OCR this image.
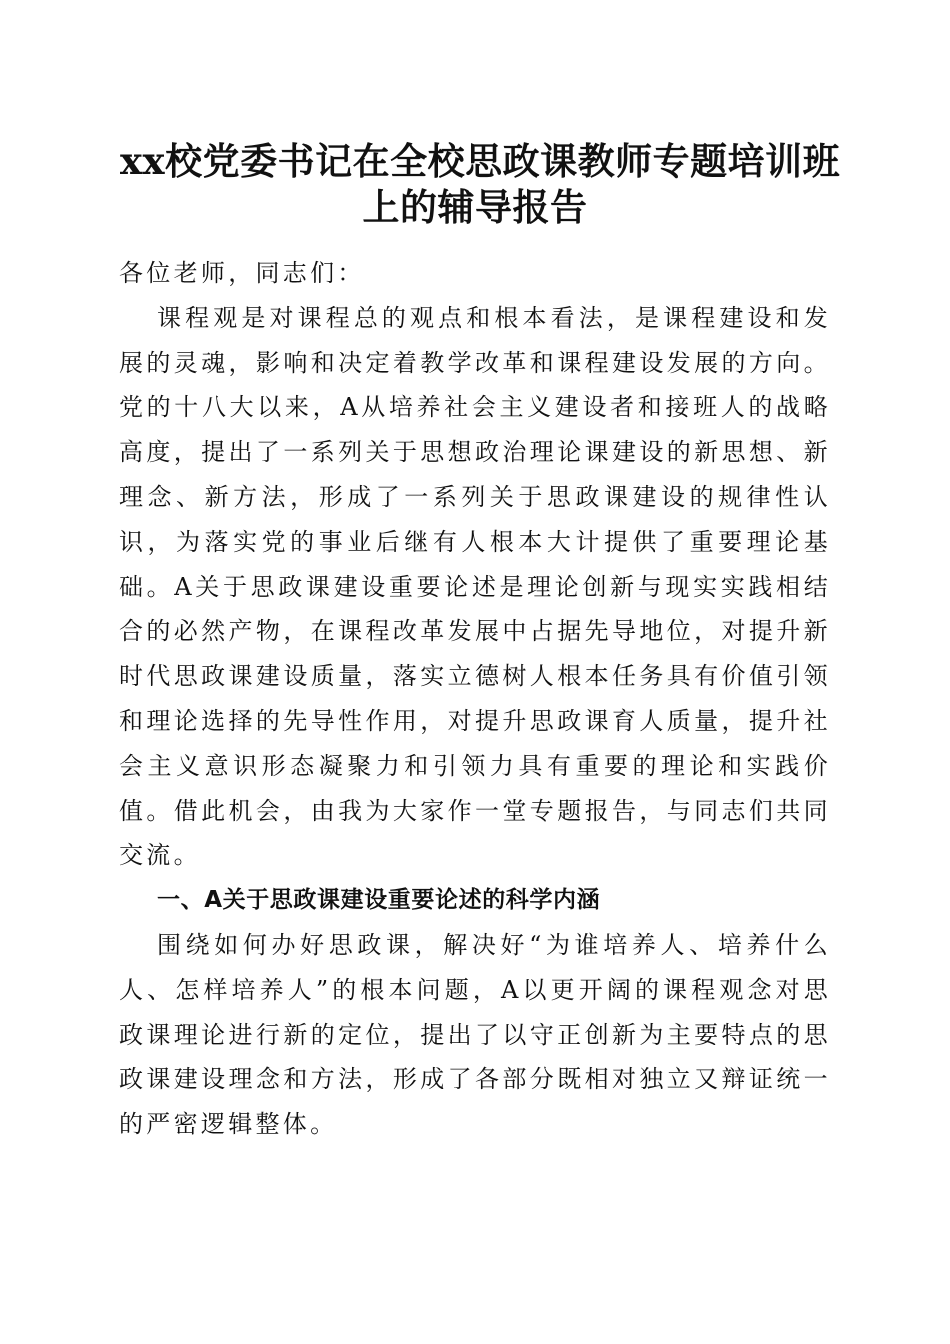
xx校党委书记在全校思政课教师专题培训班
上的辅导报告

各位老师，同志们：

课程观是对课程总的观点和根本看法，是课程建设和发展的灵魂，影响和决定着教学改革和课程建设发展的方向。党的十八大以来，A从培养社会主义建设者和接班人的战略高度，提出了一系列关于思想政治理论课建设的新思想、新理念、新方法，形成了一系列关于思政课建设的规律性认识，为落实党的事业后继有人根本大计提供了重要理论基础。A关于思政课建设重要论述是理论创新与现实实践相结合的必然产物，在课程改革发展中占据先导地位，对提升新时代思政课建设质量，落实立德树人根本任务具有价值引领和理论选择的先导性作用，对提升思政课育人质量，提升社会主义意识形态凝聚力和引领力具有重要的理论和实践价值。借此机会，由我为大家作一堂专题报告，与同志们共同交流。

一、A关于思政课建设重要论述的科学内涵

围绕如何办好思政课，解决好“为谁培养人、培养什么人、怎样培养人”的根本问题，A以更开阔的课程观念对思政课理论进行新的定位，提出了以守正创新为主要特点的思政课建设理念和方法，形成了各部分既相对独立又辩证统一的严密逻辑整体。
